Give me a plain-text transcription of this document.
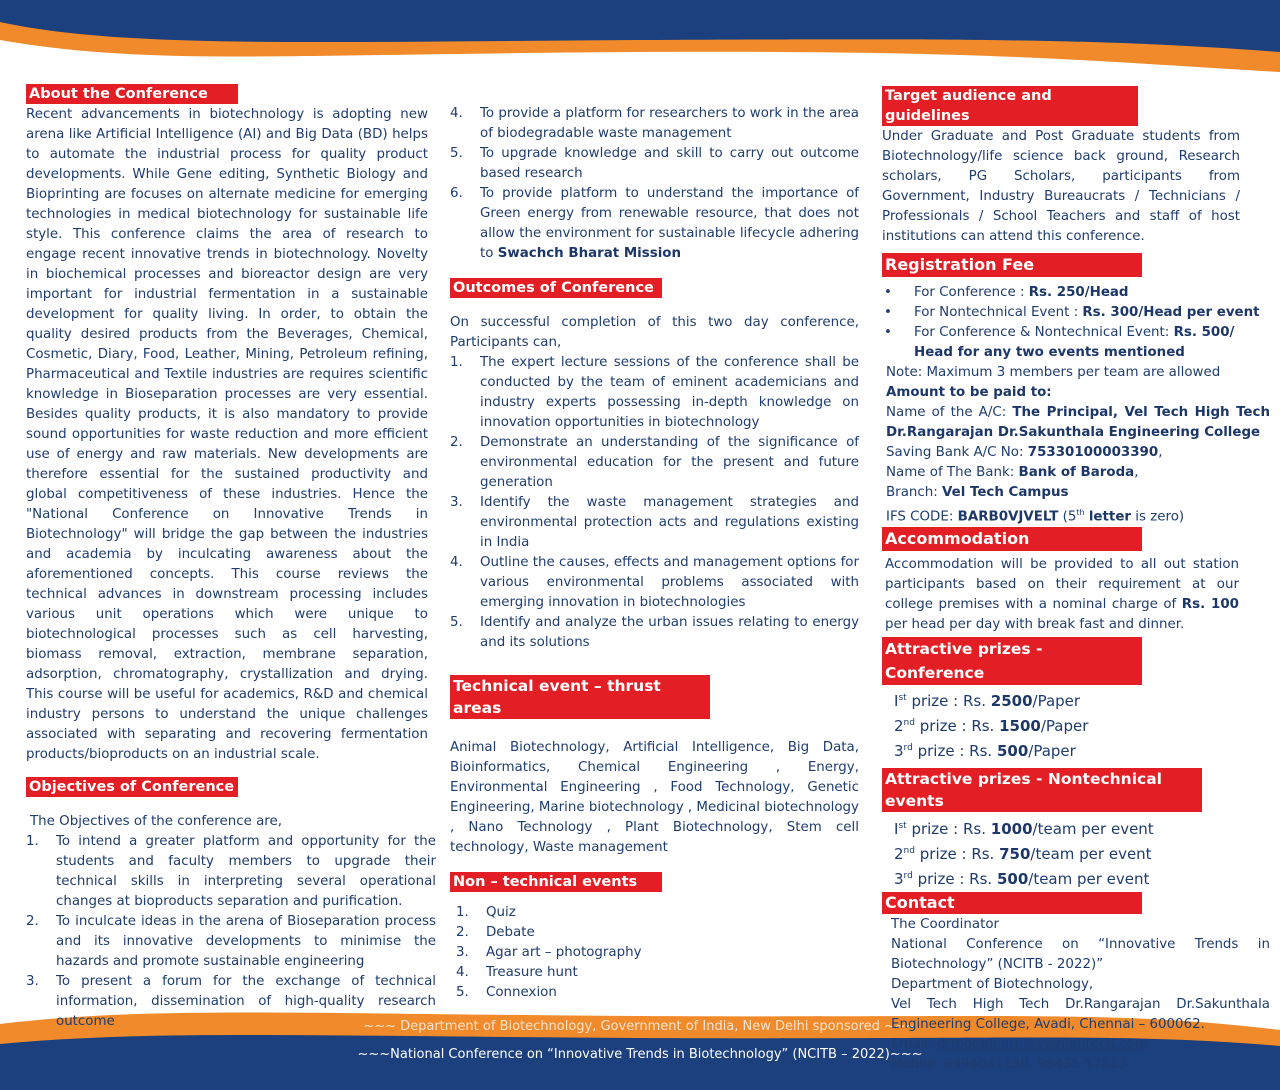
~~~ Department of Biotechnology, Government of India, New Delhi sponsored ~~~
~~~National Conference on “Innovative Trends in Biotechnology” (NCITB – 2022)~~~
About the Conference

Recent advancements in biotechnology is adopting new arena like Artificial Intelligence (AI) and Big Data (BD) helps to automate the industrial process for quality product developments. While Gene editing, Synthetic Biology and Bioprinting are focuses on alternate medicine for emerging technologies in medical biotechnology for sustainable life style. This conference claims the area of research to engage recent innovative trends in biotechnology. Novelty in biochemical processes and bioreactor design are very important for industrial fermentation in a sustainable development for quality living. In order, to obtain the quality desired products from the Beverages, Chemical, Cosmetic, Diary, Food, Leather, Mining, Petroleum refining, Pharmaceutical and Textile industries are requires scientific knowledge in Bioseparation processes are very essential. Besides quality products, it is also mandatory to provide sound opportunities for waste reduction and more efficient use of energy and raw materials. New developments are therefore essential for the sustained productivity and global competitiveness of these industries. Hence the "National Conference on Innovative Trends in Biotechnology" will bridge the gap between the industries and academia by inculcating awareness about the aforementioned concepts. This course reviews the technical advances in downstream processing includes various unit operations which were unique to biotechnological processes such as cell harvesting, biomass removal, extraction, membrane separation, adsorption, chromatography, crystallization and drying. This course will be useful for academics, R&D and chemical industry persons to understand the unique challenges associated with separating and recovering fermentation products/bioproducts on an industrial scale.

Objectives of Conference

The Objectives of the conference are,

1.	To intend a greater platform and opportunity for the students and faculty members to upgrade their technical skills in interpreting several operational changes at bioproducts separation and purification.
2.	To inculcate ideas in the arena of Bioseparation process and its innovative developments to minimise the hazards and promote sustainable engineering
3.	To present a forum for the exchange of technical information, dissemination of high-quality research outcome
4.	To provide a platform for researchers to work in the area of biodegradable waste management
5.	To upgrade knowledge and skill to carry out outcome based research
6.	To provide platform to understand the importance of Green energy from renewable resource, that does not allow the environment for sustainable lifecycle adhering to Swachch Bharat Mission
Outcomes of Conference

On successful completion of this two day conference, Participants can,

1.	The expert lecture sessions of the conference shall be conducted by the team of eminent academicians and industry experts possessing in-depth knowledge on innovation opportunities in biotechnology
2.	Demonstrate an understanding of the significance of environmental education for the present and future generation
3.	Identify the waste management strategies and environmental protection acts and regulations existing in India
4.	Outline the causes, effects and management options for various environmental problems associated with emerging innovation in biotechnologies
5.	Identify and analyze the urban issues relating to energy and its solutions
Technical event – thrust areas

Animal Biotechnology, Artificial Intelligence, Big Data, Bioinformatics, Chemical Engineering , Energy, Environmental Engineering , Food Technology, Genetic Engineering, Marine biotechnology , Medicinal biotechnology , Nano Technology , Plant Biotechnology, Stem cell technology, Waste management

Non – technical events
1.	Quiz
2.	Debate
3.	Agar art – photography
4.	Treasure hunt
5.	Connexion
Target audience and guidelines

Under Graduate and Post Graduate students from Biotechnology/life science back ground, Research scholars, PG Scholars, participants from Government, Industry Bureaucrats / Technicians / Professionals / School Teachers and staff of host institutions can attend this conference.

Registration Fee
•	For Conference : Rs. 250/Head
•	For Nontechnical Event : Rs. 300/Head per event
•	For Conference & Nontechnical Event: Rs. 500/ Head for any two events mentioned
Note: Maximum 3 members per team are allowed
Amount to be paid to:
Name of the A/C: The Principal, Vel Tech High Tech Dr.Rangarajan Dr.Sakunthala Engineering College
Saving Bank A/C No: 75330100003390,
Name of The Bank: Bank of Baroda,
Branch: Vel Tech Campus
IFS CODE: BARB0VJVELT (5th letter is zero)
Accommodation

Accommodation will be provided to all out station participants based on their requirement at our college premises with a nominal charge of Rs. 100 per head per day with break fast and dinner.

Attractive prizes - Conference
Ist prize : Rs. 2500/Paper
2nd prize : Rs. 1500/Paper
3rd prize : Rs. 500/Paper
Attractive prizes - Nontechnical events
Ist prize : Rs. 1000/team per event
2nd prize : Rs. 750/team per event
3rd prize : Rs. 500/team per event
Contact
The Coordinator
National Conference on “Innovative Trends in Biotechnology” (NCITB - 2022)”
Department of Biotechnology,
Vel Tech High Tech Dr.Rangarajan Dr.Sakunthala Engineering College, Avadi, Chennai – 600062.
Email: drmgopinath@velhightech.com
Mobile: 9994041130, 98435 57513
